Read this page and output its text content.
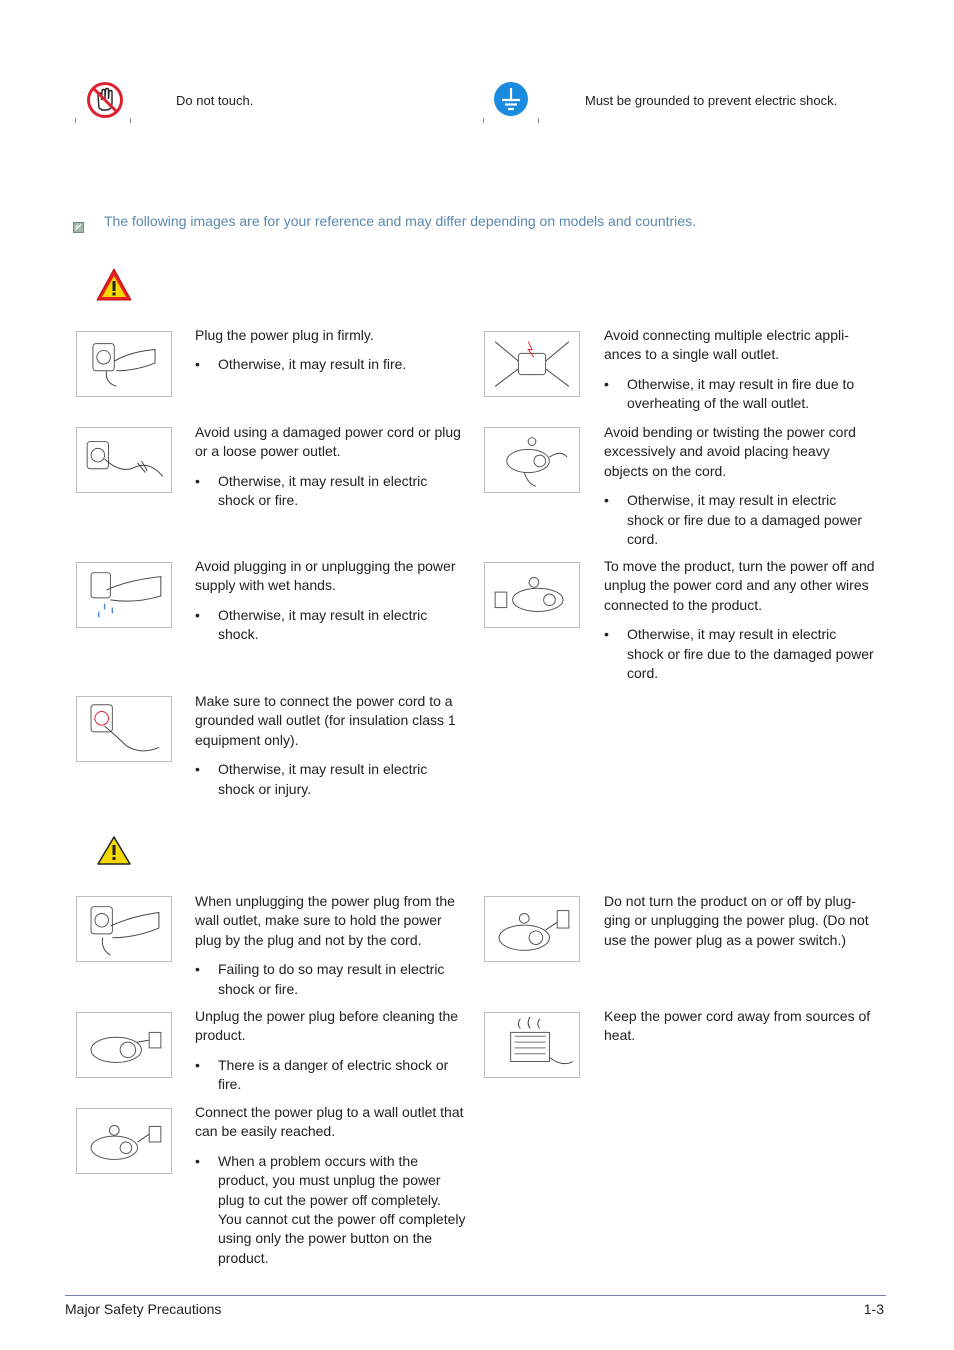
Do not touch.	Must be grounded to prevent electric shock.
The following images are for your reference and may differ depending on models and countries.

Plug the power plug in firmly.

• Otherwise, it may result in fire.

Avoid using a damaged power cord or plug or a loose power outlet.

• Otherwise, it may result in electric shock or fire.

Avoid plugging in or unplugging the power supply with wet hands.

• Otherwise, it may result in electric shock.

Make sure to connect the power cord to a grounded wall outlet (for insulation class 1 equipment only).

• Otherwise, it may result in electric shock or injury.

Avoid connecting multiple electric appli-ances to a single wall outlet.

• Otherwise, it may result in fire due to overheating of the wall outlet.

Avoid bending or twisting the power cord excessively and avoid placing heavy objects on the cord.

• Otherwise, it may result in electric shock or fire due to a damaged power cord.

To move the product, turn the power off and unplug the power cord and any other wires connected to the product.

• Otherwise, it may result in electric shock or fire due to the damaged power cord.

When unplugging the power plug from the wall outlet, make sure to hold the power plug by the plug and not by the cord.

• Failing to do so may result in electric shock or fire.

Unplug the power plug before cleaning the product.

• There is a danger of electric shock or fire.

Connect the power plug to a wall outlet that can be easily reached.

• When a problem occurs with the product, you must unplug the power plug to cut the power off completely. You cannot cut the power off completely using only the power button on the product.

Do not turn the product on or off by plug-ging or unplugging the power plug. (Do not use the power plug as a power switch.)

Keep the power cord away from sources of heat.

Major Safety Precautions	1-3
